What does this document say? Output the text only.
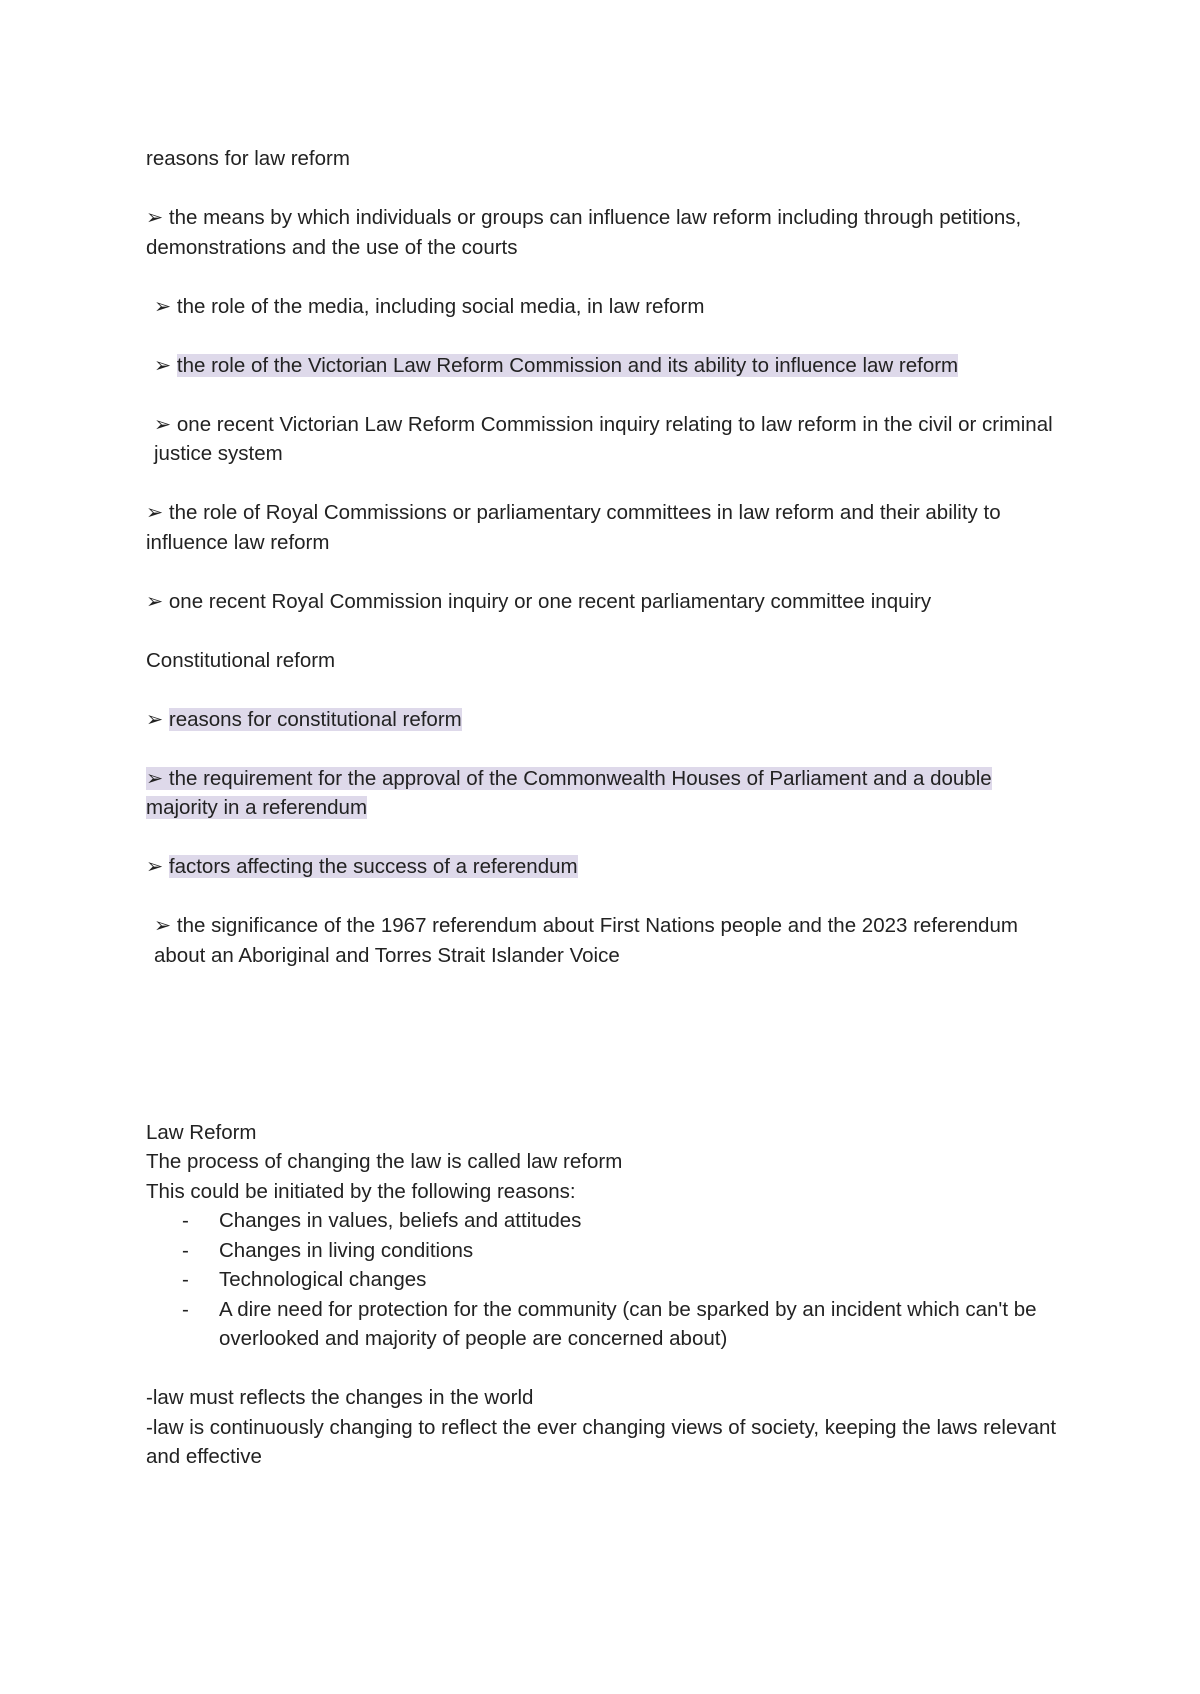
reasons for law reform

➢ the means by which individuals or groups can influence law reform including through petitions, demonstrations and the use of the courts

➢ the role of the media, including social media, in law reform

➢ the role of the Victorian Law Reform Commission and its ability to influence law reform

➢ one recent Victorian Law Reform Commission inquiry relating to law reform in the civil or criminal justice system

➢ the role of Royal Commissions or parliamentary committees in law reform and their ability to influence law reform

➢ one recent Royal Commission inquiry or one recent parliamentary committee inquiry

Constitutional reform

➢ reasons for constitutional reform

➢ the requirement for the approval of the Commonwealth Houses of Parliament and a double majority in a referendum

➢ factors affecting the success of a referendum

➢ the significance of the 1967 referendum about First Nations people and the 2023 referendum about an Aboriginal and Torres Strait Islander Voice

Law Reform

The process of changing the law is called law reform

This could be initiated by the following reasons:

- Changes in values, beliefs and attitudes
- Changes in living conditions
- Technological changes
- A dire need for protection for the community (can be sparked by an incident which can't be overlooked and majority of people are concerned about)

-law must reflects the changes in the world

-law is continuously changing to reflect the ever changing views of society, keeping the laws relevant and effective
